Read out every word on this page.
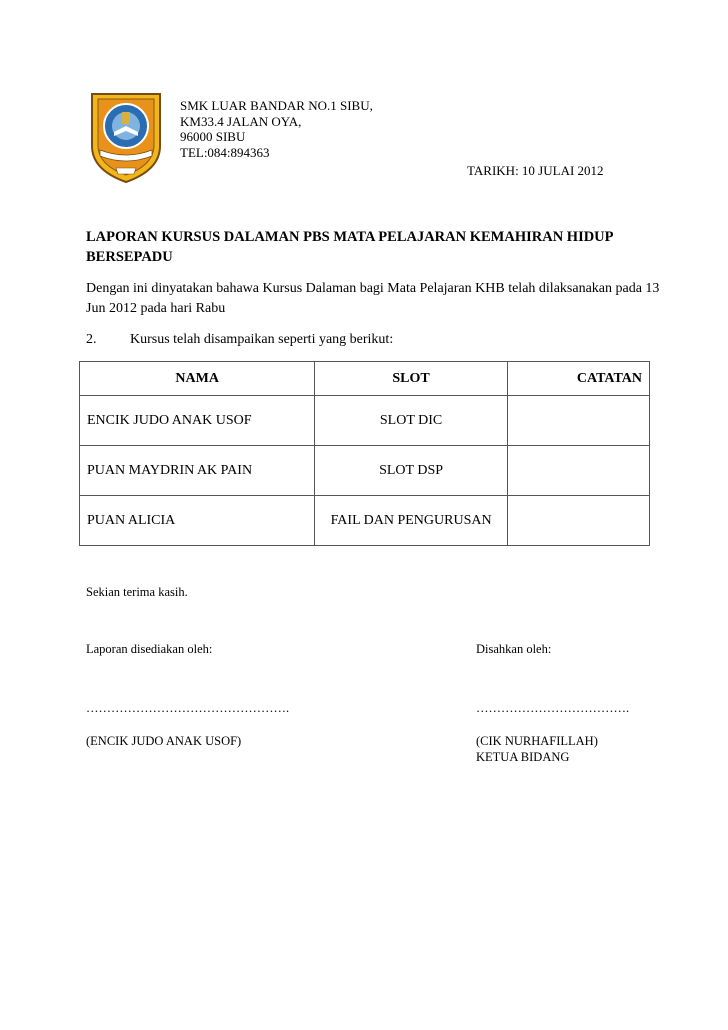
SMK LUAR BANDAR NO.1 SIBU,
KM33.4 JALAN OYA,
96000 SIBU
TEL:084:894363
TARIKH: 10 JULAI 2012
LAPORAN KURSUS DALAMAN PBS MATA PELAJARAN KEMAHIRAN HIDUP BERSEPADU
Dengan ini dinyatakan bahawa Kursus Dalaman bagi Mata Pelajaran KHB telah dilaksanakan pada 13 Jun 2012 pada hari Rabu
2. Kursus telah disampaikan seperti yang berikut:
NAMA	SLOT	CATATAN
ENCIK JUDO ANAK USOF	SLOT DIC	
PUAN MAYDRIN AK PAIN	SLOT DSP	
PUAN ALICIA	FAIL DAN PENGURUSAN	
Sekian terima kasih.
Laporan disediakan oleh:	Disahkan oleh:
………………………………………….	……………………………….
(ENCIK JUDO ANAK USOF)	(CIK NURHAFILLAH)
KETUA BIDANG
